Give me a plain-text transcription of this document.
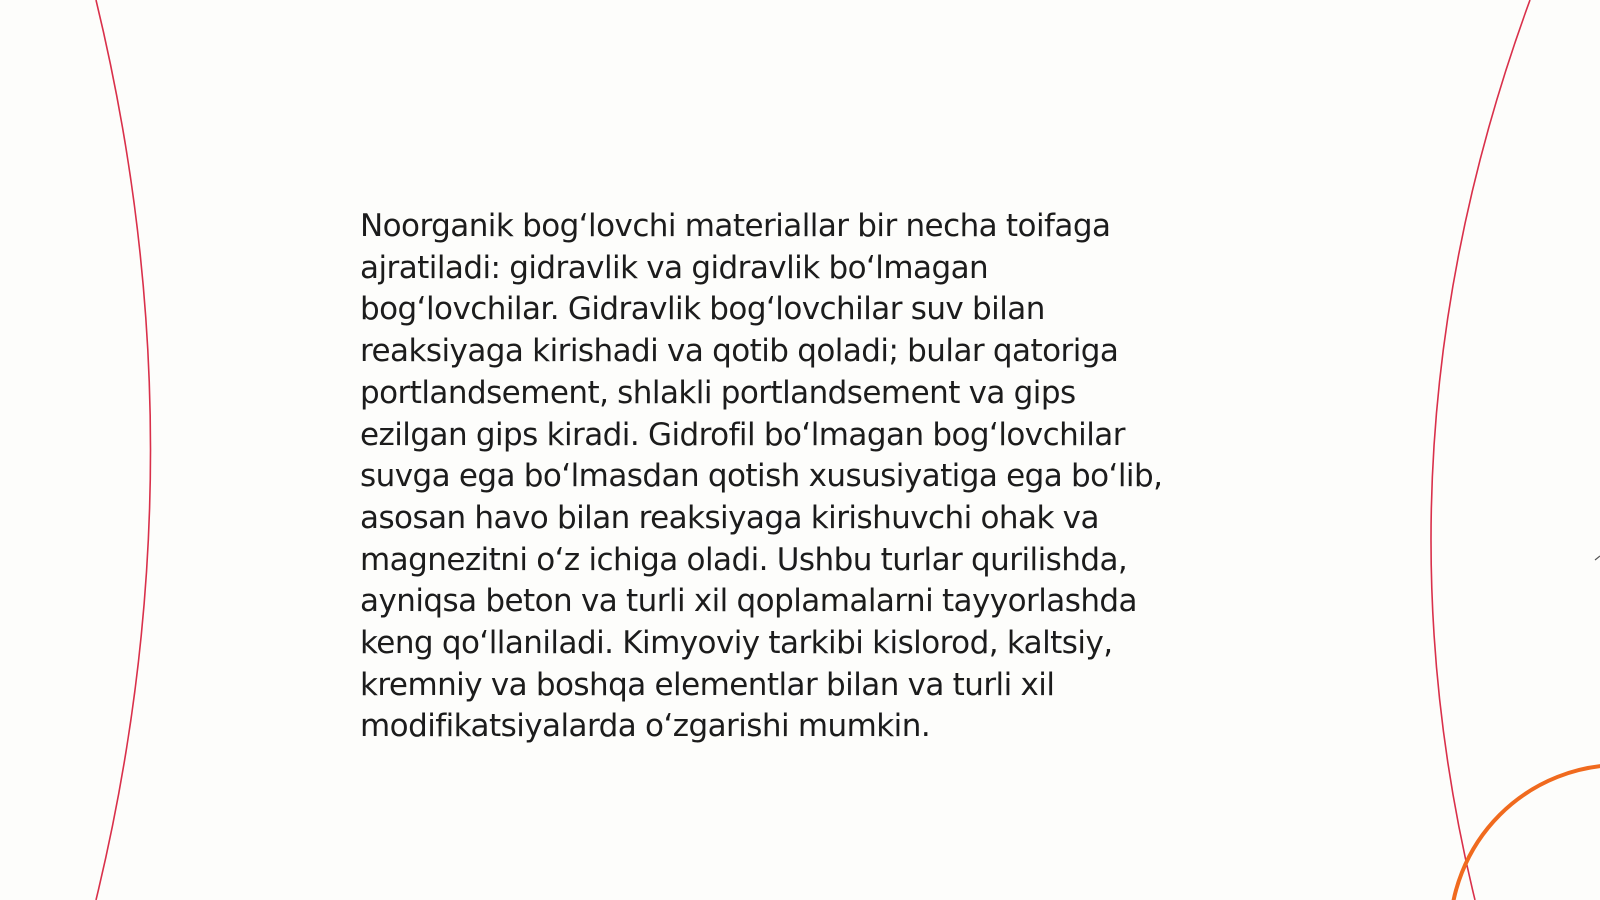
Noorganik bog‘lovchi materiallar bir necha toifaga
ajratiladi: gidravlik va gidravlik bo‘lmagan
bog‘lovchilar. Gidravlik bog‘lovchilar suv bilan
reaksiyaga kirishadi va qotib qoladi; bular qatoriga
portlandsement, shlakli portlandsement va gips
ezilgan gips kiradi. Gidrofil bo‘lmagan bog‘lovchilar
suvga ega bo‘lmasdan qotish xususiyatiga ega bo‘lib,
asosan havo bilan reaksiyaga kirishuvchi ohak va
magnezitni o‘z ichiga oladi. Ushbu turlar qurilishda,
ayniqsa beton va turli xil qoplamalarni tayyorlashda
keng qo‘llaniladi. Kimyoviy tarkibi kislorod, kaltsiy,
kremniy va boshqa elementlar bilan va turli xil
modifikatsiyalarda o‘zgarishi mumkin.
